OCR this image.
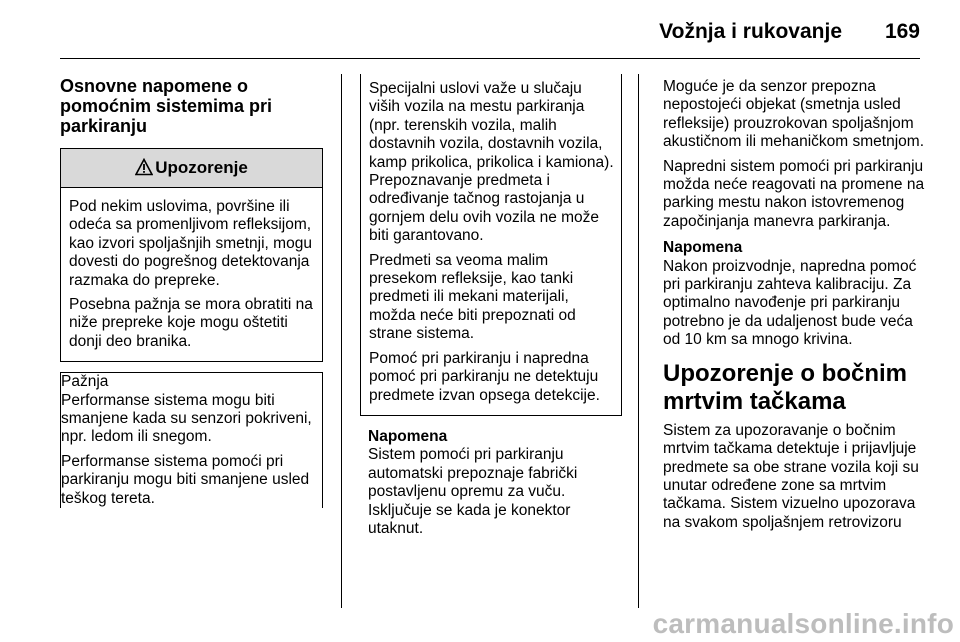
Vožnja i rukovanje 169
Osnovne napomene o pomoćnim sistemima pri parkiranju
Upozorenje

Pod nekim uslovima, površine ili odeća sa promenljivom refleksijom, kao izvori spoljašnjih smetnji, mogu dovesti do pogrešnog detektovanja razmaka do prepreke.

Posebna pažnja se mora obratiti na niže prepreke koje mogu oštetiti donji deo branika.

Pažnja

Performanse sistema mogu biti smanjene kada su senzori pokriveni, npr. ledom ili snegom.

Performanse sistema pomoći pri parkiranju mogu biti smanjene usled teškog tereta.

Specijalni uslovi važe u slučaju viših vozila na mestu parkiranja (npr. terenskih vozila, malih dostavnih vozila, dostavnih vozila, kamp prikolica, prikolica i kamiona). Prepoznavanje predmeta i određivanje tačnog rastojanja u gornjem delu ovih vozila ne može biti garantovano.

Predmeti sa veoma malim presekom refleksije, kao tanki predmeti ili mekani materijali, možda neće biti prepoznati od strane sistema.

Pomoć pri parkiranju i napredna pomoć pri parkiranju ne detektuju predmete izvan opsega detekcije.

Napomena
Sistem pomoći pri parkiranju automatski prepoznaje fabrički postavljenu opremu za vuču. Isključuje se kada je konektor utaknut.

Moguće je da senzor prepozna nepostojeći objekat (smetnja usled refleksije) prouzrokovan spoljašnjom akustičnom ili mehaničkom smetnjom.

Napredni sistem pomoći pri parkiranju možda neće reagovati na promene na parking mestu nakon istovremenog započinjanja manevra parkiranja.

Napomena
Nakon proizvodnje, napredna pomoć pri parkiranju zahteva kalibraciju. Za optimalno navođenje pri parkiranju potrebno je da udaljenost bude veća od 10 km sa mnogo krivina.
Upozorenje o bočnim mrtvim tačkama
Sistem za upozoravanje o bočnim mrtvim tačkama detektuje i prijavljuje predmete sa obe strane vozila koji su unutar određene zone sa mrtvim tačkama. Sistem vizuelno upozorava na svakom spoljašnjem retrovizoru
carmanualsonline.info
